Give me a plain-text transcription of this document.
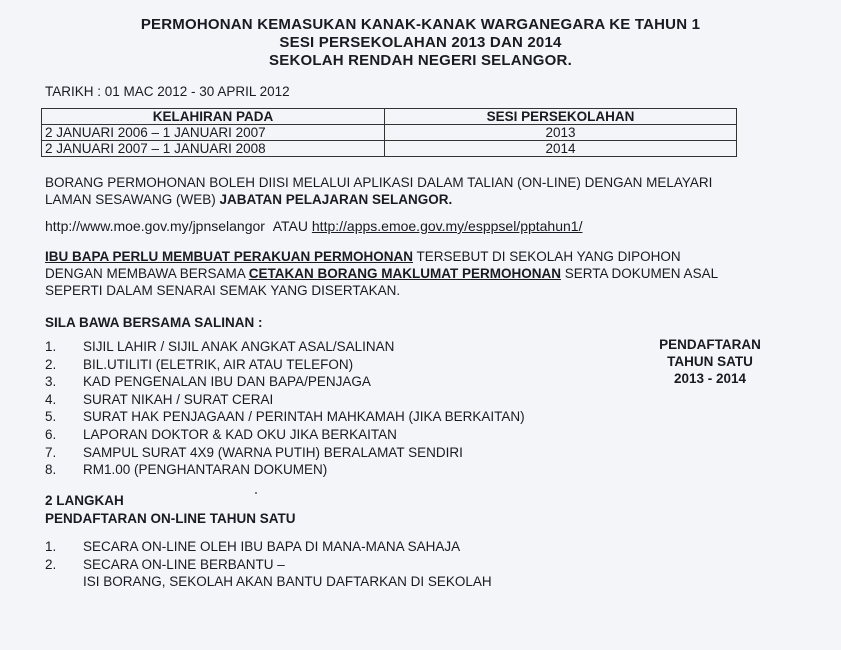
PERMOHONAN KEMASUKAN KANAK-KANAK WARGANEGARA KE TAHUN 1
SESI PERSEKOLAHAN 2013 DAN 2014
SEKOLAH RENDAH NEGERI SELANGOR.
TARIKH : 01 MAC 2012 - 30 APRIL 2012
KELAHIRAN PADA	SESI PERSEKOLAHAN
2 JANUARI 2006 – 1 JANUARI 2007	2013
2 JANUARI 2007 – 1 JANUARI 2008	2014
BORANG PERMOHONAN BOLEH DIISI MELALUI APLIKASI DALAM TALIAN (ON-LINE) DENGAN MELAYARI
LAMAN SESAWANG (WEB) JABATAN PELAJARAN SELANGOR.
http://www.moe.gov.my/jpnselangor ATAU http://apps.emoe.gov.my/esppsel/pptahun1/
IBU BAPA PERLU MEMBUAT PERAKUAN PERMOHONAN TERSEBUT DI SEKOLAH YANG DIPOHON
DENGAN MEMBAWA BERSAMA CETAKAN BORANG MAKLUMAT PERMOHONAN SERTA DOKUMEN ASAL
SEPERTI DALAM SENARAI SEMAK YANG DISERTAKAN.
SILA BAWA BERSAMA SALINAN :
1. SIJIL LAHIR / SIJIL ANAK ANGKAT ASAL/SALINAN
2. BIL.UTILITI (ELETRIK, AIR ATAU TELEFON)
3. KAD PENGENALAN IBU DAN BAPA/PENJAGA
4. SURAT NIKAH / SURAT CERAI
5. SURAT HAK PENJAGAAN / PERINTAH MAHKAMAH (JIKA BERKAITAN)
6. LAPORAN DOKTOR & KAD OKU JIKA BERKAITAN
7. SAMPUL SURAT 4X9 (WARNA PUTIH) BERALAMAT SENDIRI
8. RM1.00 (PENGHANTARAN DOKUMEN)
PENDAFTARAN
TAHUN SATU
2013 - 2014
2 LANGKAH
PENDAFTARAN ON-LINE TAHUN SATU
1. SECARA ON-LINE OLEH IBU BAPA DI MANA-MANA SAHAJA
2. SECARA ON-LINE BERBANTU –
ISI BORANG, SEKOLAH AKAN BANTU DAFTARKAN DI SEKOLAH
